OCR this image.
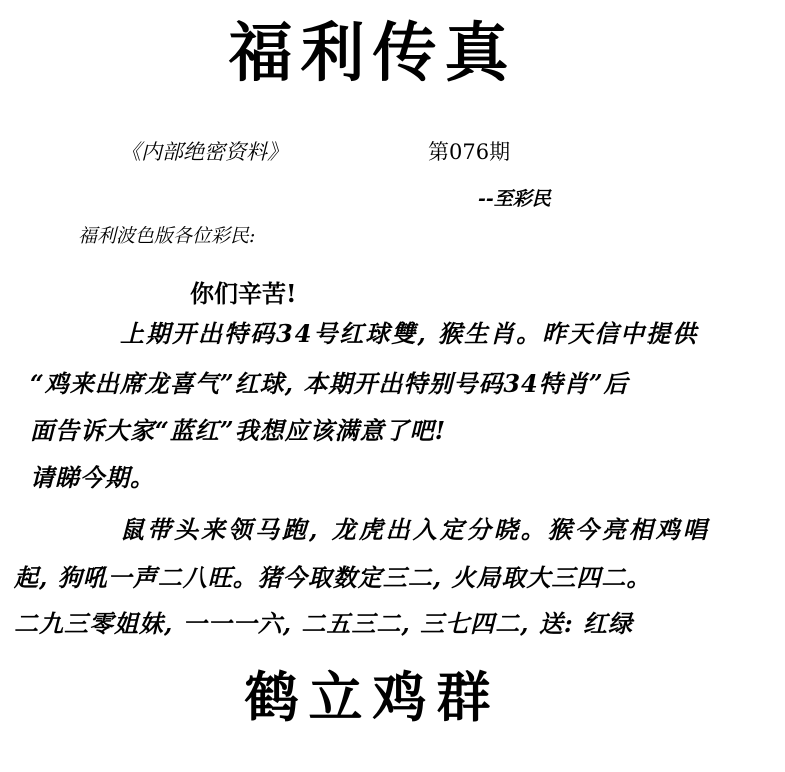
福利传真
《内部绝密资料》	第076期
--至彩民
福利波色版各位彩民:
你们辛苦!
上期开出特码34号红球雙, 猴生肖。昨天信中提供
“鸡来出席龙喜气”红球, 本期开出特别号码34特肖”后
面告诉大家“蓝红”我想应该满意了吧!
请睇今期。
鼠带头来领马跑, 龙虎出入定分晓。猴今亮相鸡唱
起, 狗吼一声二八旺。猪今取数定三二, 火局取大三四二。
二九三零姐妹, 一一一六, 二五三二, 三七四二, 送: 红绿
鹤立鸡群
